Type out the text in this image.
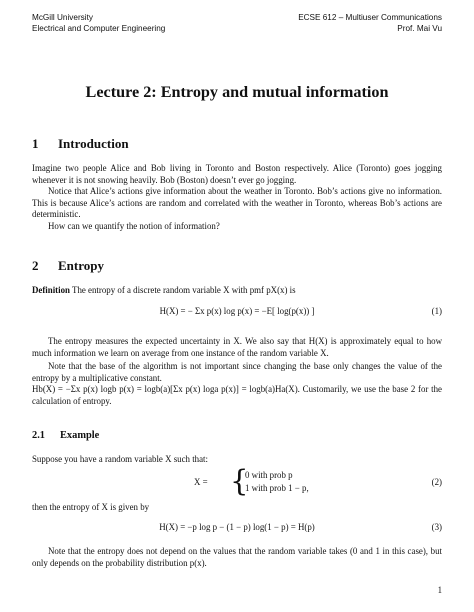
McGill University
Electrical and Computer Engineering
ECSE 612 – Multiuser Communications
Prof. Mai Vu
Lecture 2: Entropy and mutual information
1 Introduction
Imagine two people Alice and Bob living in Toronto and Boston respectively. Alice (Toronto) goes jogging whenever it is not snowing heavily. Bob (Boston) doesn’t ever go jogging.
Notice that Alice’s actions give information about the weather in Toronto. Bob’s actions give no information. This is because Alice’s actions are random and correlated with the weather in Toronto, whereas Bob’s actions are deterministic.
How can we quantify the notion of information?
2 Entropy
Definition The entropy of a discrete random variable X with pmf pX(x) is
H(X) = − Σx p(x) log p(x) = −E[ log(p(x)) ]	(1)
The entropy measures the expected uncertainty in X. We also say that H(X) is approximately equal to how much information we learn on average from one instance of the random variable X.
Note that the base of the algorithm is not important since changing the base only changes the value of the entropy by a multiplicative constant.
Hb(X) = −Σx p(x) logb p(x) = logb(a)[Σx p(x) loga p(x)] = logb(a)Ha(X). Customarily, we use the base 2 for the calculation of entropy.
2.1 Example
Suppose you have a random variable X such that:
X = {
0 with prob p
1 with prob 1 − p,
(2)
then the entropy of X is given by
H(X) = −p log p − (1 − p) log(1 − p) = H(p)	(3)
Note that the entropy does not depend on the values that the random variable takes (0 and 1 in this case), but only depends on the probability distribution p(x).
1
